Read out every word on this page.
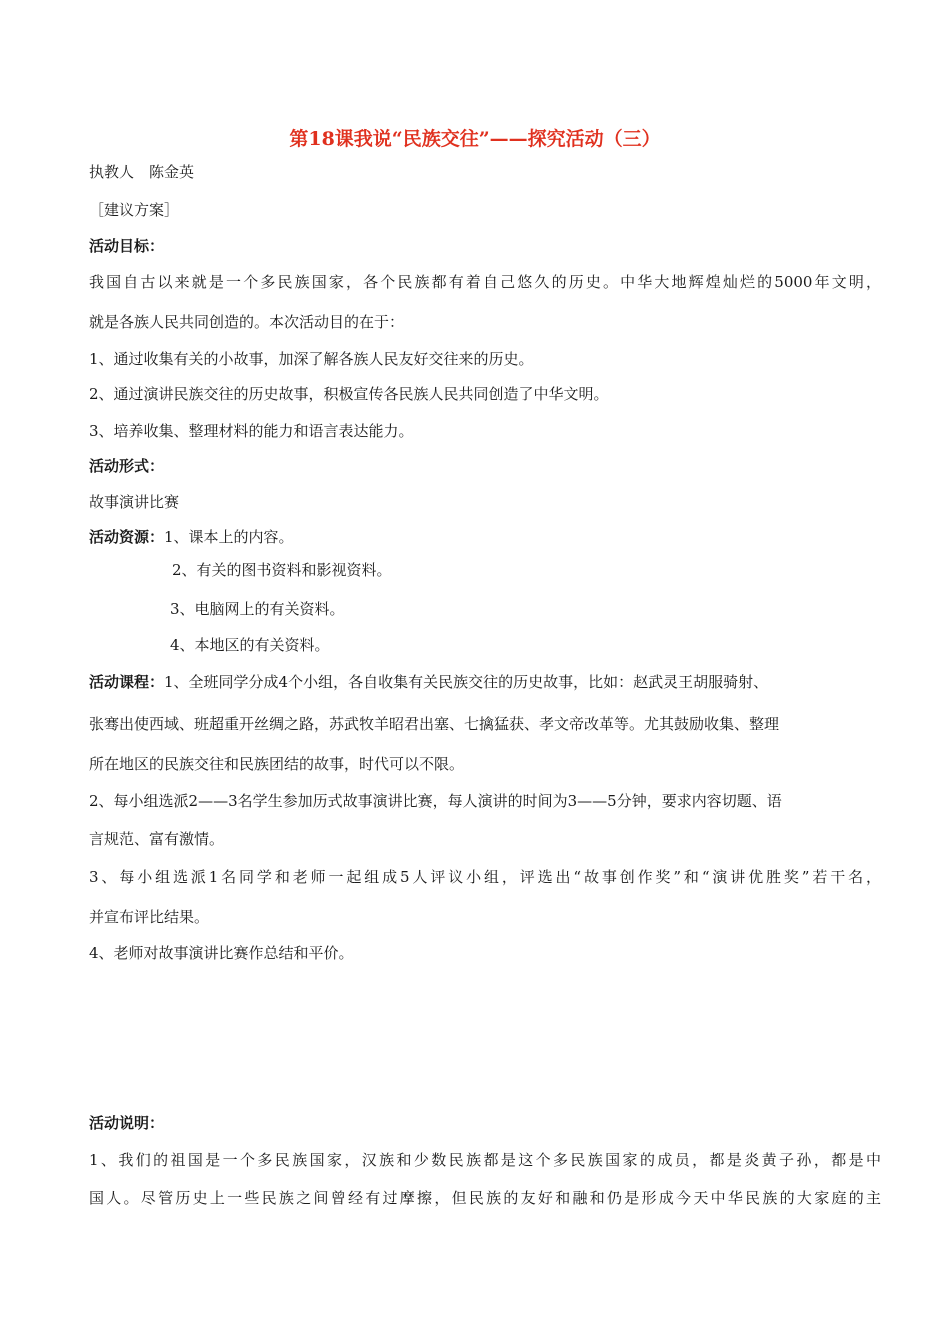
第18课我说“民族交往”——探究活动（三）
执教人　陈金英
［建议方案］
活动目标：
我国自古以来就是一个多民族国家，各个民族都有着自己悠久的历史。中华大地辉煌灿烂的5000年文明，
就是各族人民共同创造的。本次活动目的在于：
1、通过收集有关的小故事，加深了解各族人民友好交往来的历史。
2、通过演讲民族交往的历史故事，积极宣传各民族人民共同创造了中华文明。
3、培养收集、整理材料的能力和语言表达能力。
活动形式：
故事演讲比赛
活动资源：1、课本上的内容。
2、有关的图书资料和影视资料。
3、电脑网上的有关资料。
4、本地区的有关资料。
活动课程：1、全班同学分成4个小组，各自收集有关民族交往的历史故事，比如：赵武灵王胡服骑射、
张骞出使西域、班超重开丝绸之路，苏武牧羊昭君出塞、七擒猛获、孝文帝改革等。尤其鼓励收集、整理
所在地区的民族交往和民族团结的故事，时代可以不限。
2、每小组选派2——3名学生参加历式故事演讲比赛，每人演讲的时间为3——5分钟，要求内容切题、语
言规范、富有激情。
3、每小组选派1名同学和老师一起组成5人评议小组，评选出“故事创作奖”和“演讲优胜奖”若干名，
并宣布评比结果。
4、老师对故事演讲比赛作总结和平价。
活动说明：
1、我们的祖国是一个多民族国家，汉族和少数民族都是这个多民族国家的成员，都是炎黄子孙，都是中
国人。尽管历史上一些民族之间曾经有过摩擦，但民族的友好和融和仍是形成今天中华民族的大家庭的主
